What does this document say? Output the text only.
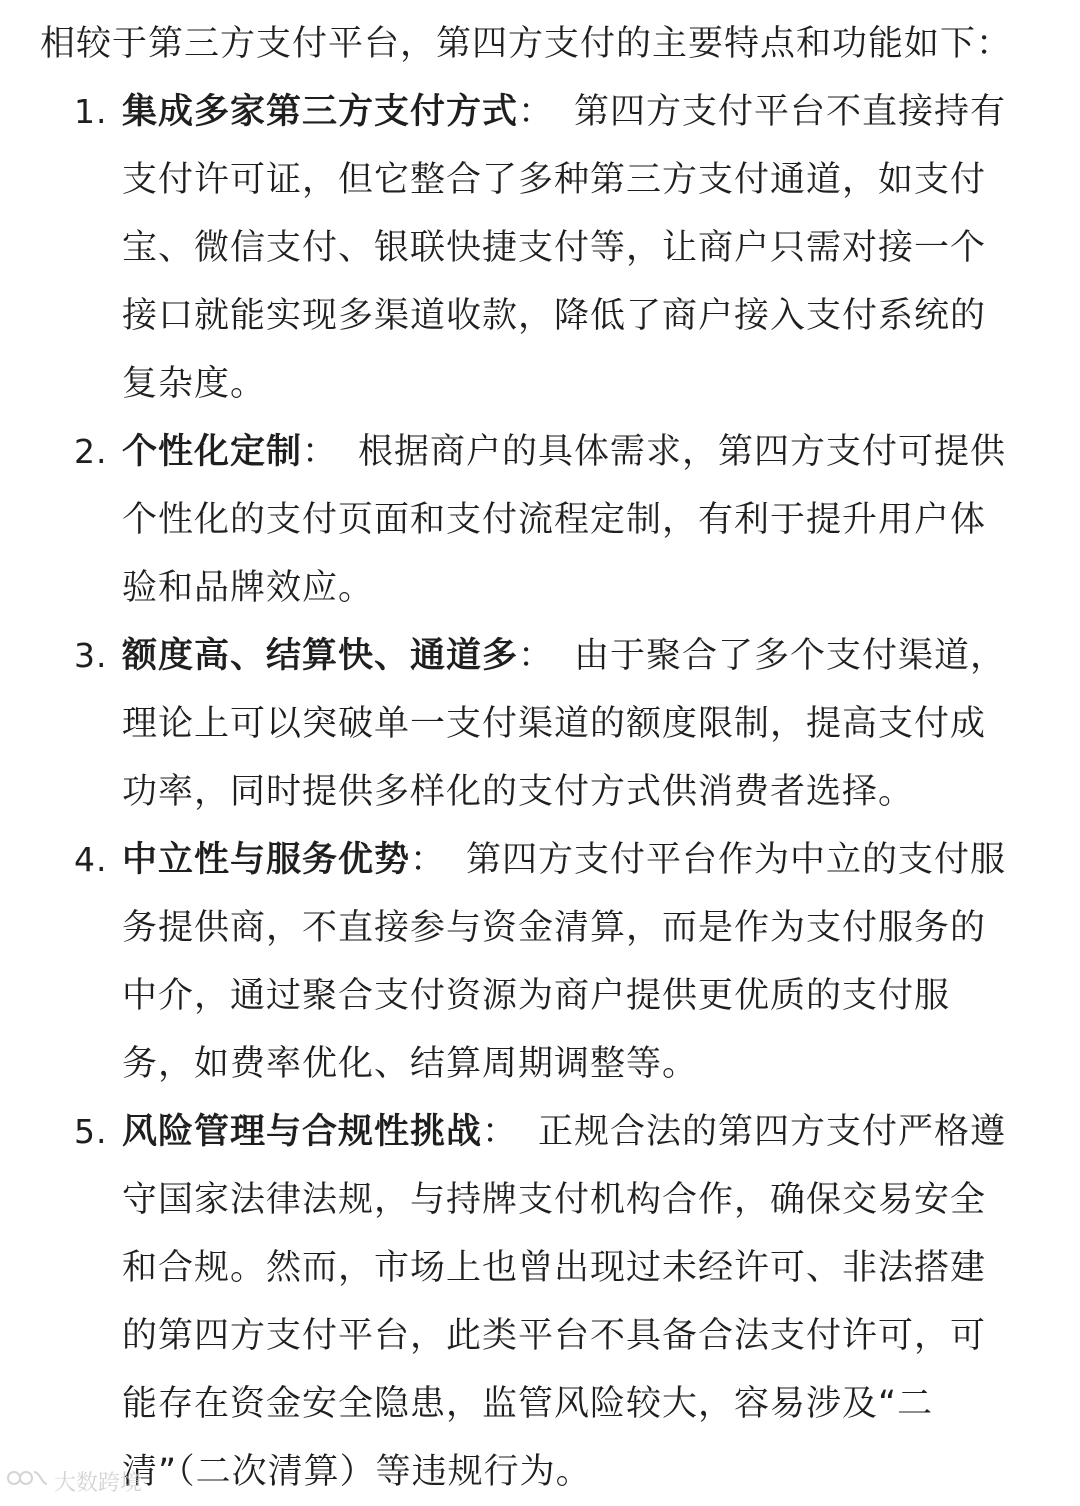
相较于第三方支付平台，第四方支付的主要特点和功能如下：

1. 集成多家第三方支付方式： 第四方支付平台不直接持有支付许可证，但它整合了多种第三方支付通道，如支付宝、微信支付、银联快捷支付等，让商户只需对接一个接口就能实现多渠道收款，降低了商户接入支付系统的复杂度。
2. 个性化定制： 根据商户的具体需求，第四方支付可提供个性化的支付页面和支付流程定制，有利于提升用户体验和品牌效应。
3. 额度高、结算快、通道多： 由于聚合了多个支付渠道，理论上可以突破单一支付渠道的额度限制，提高支付成功率，同时提供多样化的支付方式供消费者选择。
4. 中立性与服务优势： 第四方支付平台作为中立的支付服务提供商，不直接参与资金清算，而是作为支付服务的中介，通过聚合支付资源为商户提供更优质的支付服务，如费率优化、结算周期调整等。
5. 风险管理与合规性挑战： 正规合法的第四方支付严格遵守国家法律法规，与持牌支付机构合作，确保交易安全和合规。然而，市场上也曾出现过未经许可、非法搭建的第四方支付平台，此类平台不具备合法支付许可，可能存在资金安全隐患，监管风险较大，容易涉及“二清”（二次清算）等违规行为。
大数跨境
